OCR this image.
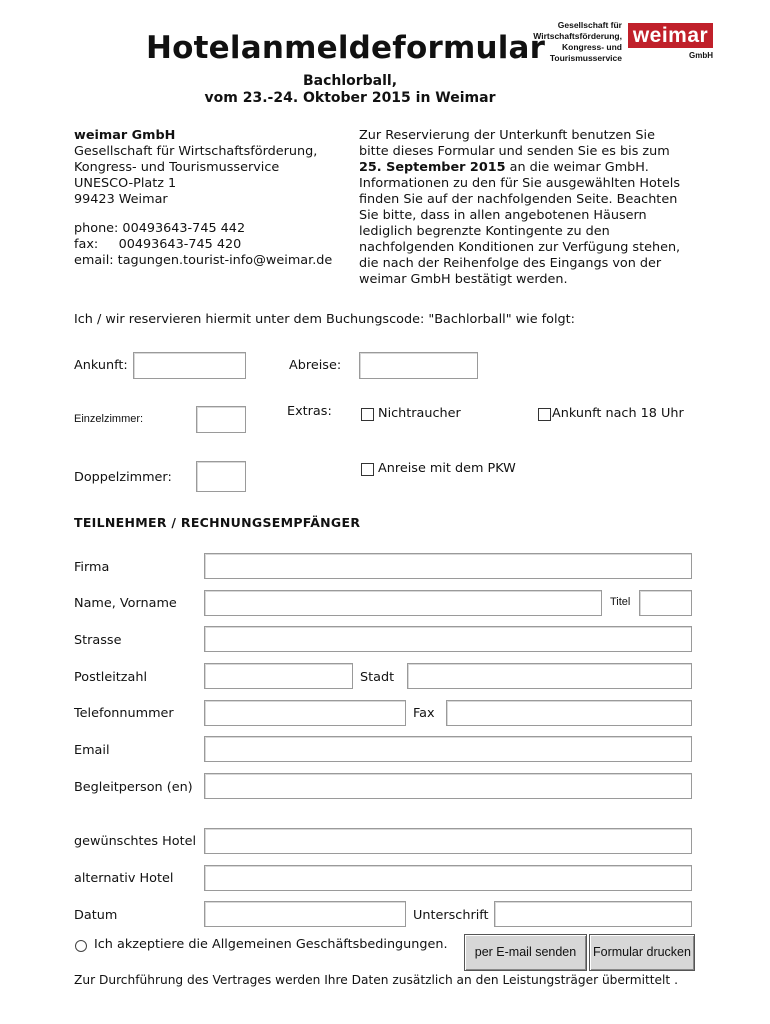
Hotelanmeldeformular
Gesellschaft für
Wirtschaftsförderung,
Kongress- und Tourismusservice
weimar
GmbH
Bachlorball,
vom 23.-24. Oktober 2015 in Weimar
weimar GmbH
Gesellschaft für Wirtschaftsförderung,
Kongress- und Tourismusservice
UNESCO-Platz 1
99423 Weimar
phone: 00493643-745 442
fax:     00493643-745 420
email: tagungen.tourist-info@weimar.de
Zur Reservierung der Unterkunft benutzen Sie
bitte dieses Formular und senden Sie es bis zum
25. September 2015 an die weimar GmbH.
Informationen zu den für Sie ausgewählten Hotels
finden Sie auf der nachfolgenden Seite. Beachten
Sie bitte, dass in allen angebotenen Häusern
lediglich begrenzte Kontingente zu den
nachfolgenden Konditionen zur Verfügung stehen,
die nach der Reihenfolge des Eingangs von der
weimar GmbH bestätigt werden.
Ich / wir reservieren hiermit unter dem Buchungscode: "Bachlorball" wie folgt:
Ankunft:	Abreise:
Einzelzimmer:	Extras:	Nichtraucher	Ankunft nach 18 Uhr
Anreise mit dem PKW
Doppelzimmer:
TEILNEHMER / RECHNUNGSEMPFÄNGER
Firma
Name, Vorname	Titel
Strasse
Postleitzahl	Stadt
Telefonnummer	Fax
Email
Begleitperson (en)
gewünschtes Hotel
alternativ Hotel
Datum	Unterschrift
Ich akzeptiere die Allgemeinen Geschäftsbedingungen.	per E-mail senden	Formular drucken
Zur Durchführung des Vertrages werden Ihre Daten zusätzlich an den Leistungsträger übermittelt .
